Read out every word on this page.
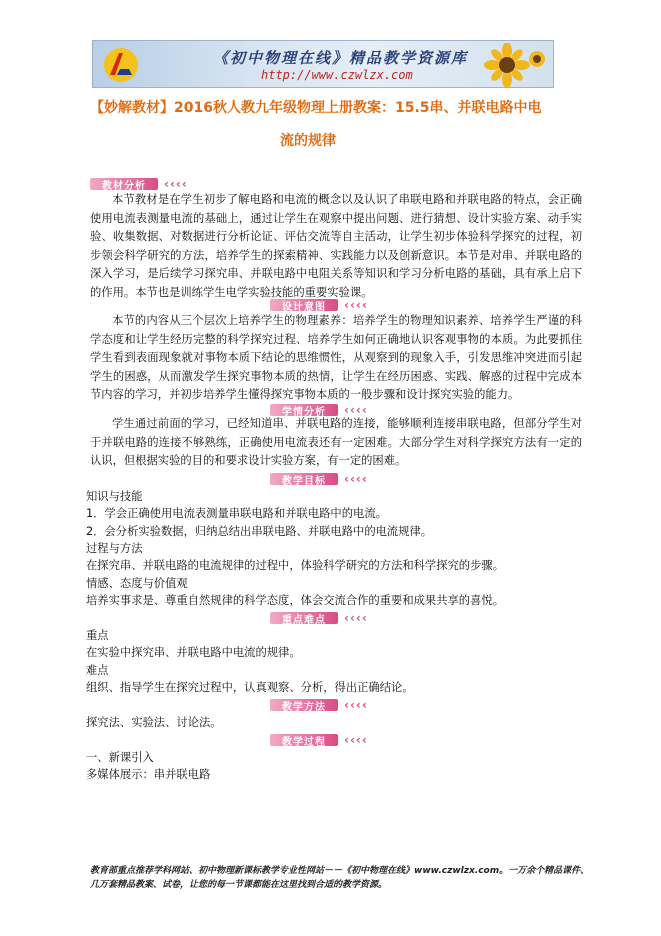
《初中物理在线》精品教学资源库
http://www.czwlzx.com
【妙解教材】2016秋人教九年级物理上册教案：15.5串、并联电路中电
流的规律
教材分析 ‹‹‹‹
本节教材是在学生初步了解电路和电流的概念以及认识了串联电路和并联电路的特点，会正确使用电流表测量电流的基础上，通过让学生在观察中提出问题、进行猜想、设计实验方案、动手实验、收集数据、对数据进行分析论证、评估交流等自主活动，让学生初步体验科学探究的过程，初步领会科学研究的方法，培养学生的探索精神、实践能力以及创新意识。本节是对串、并联电路的深入学习，是后续学习探究串、并联电路中电阻关系等知识和学习分析电路的基础，具有承上启下的作用。本节也是训练学生电学实验技能的重要实验课。
设计意图 ‹‹‹‹
本节的内容从三个层次上培养学生的物理素养：培养学生的物理知识素养、培养学生严谨的科学态度和让学生经历完整的科学探究过程、培养学生如何正确地认识客观事物的本质。为此要抓住学生看到表面现象就对事物本质下结论的思维惯性，从观察到的现象入手，引发思维冲突进而引起学生的困惑，从而激发学生探究事物本质的热情，让学生在经历困惑、实践、解惑的过程中完成本节内容的学习，并初步培养学生懂得探究事物本质的一般步骤和设计探究实验的能力。
学情分析 ‹‹‹‹
学生通过前面的学习，已经知道串、并联电路的连接，能够顺利连接串联电路，但部分学生对于并联电路的连接不够熟练，正确使用电流表还有一定困难。大部分学生对科学探究方法有一定的认识，但根据实验的目的和要求设计实验方案，有一定的困难。
教学目标 ‹‹‹‹
知识与技能
1．学会正确使用电流表测量串联电路和并联电路中的电流。
2．会分析实验数据，归纳总结出串联电路、并联电路中的电流规律。
过程与方法
在探究串、并联电路的电流规律的过程中，体验科学研究的方法和科学探究的步骤。
情感、态度与价值观
培养实事求是、尊重自然规律的科学态度，体会交流合作的重要和成果共享的喜悦。
重点难点 ‹‹‹‹
重点
在实验中探究串、并联电路中电流的规律。
难点
组织、指导学生在探究过程中，认真观察、分析，得出正确结论。
教学方法 ‹‹‹‹
探究法、实验法、讨论法。
教学过程 ‹‹‹‹
一、新课引入
多媒体展示：串并联电路
教育部重点推荐学科网站、初中物理新课标教学专业性网站－－《初中物理在线》www.czwlzx.com。一万余个精品课件、
几万套精品教案、试卷，让您的每一节课都能在这里找到合适的教学资源。
